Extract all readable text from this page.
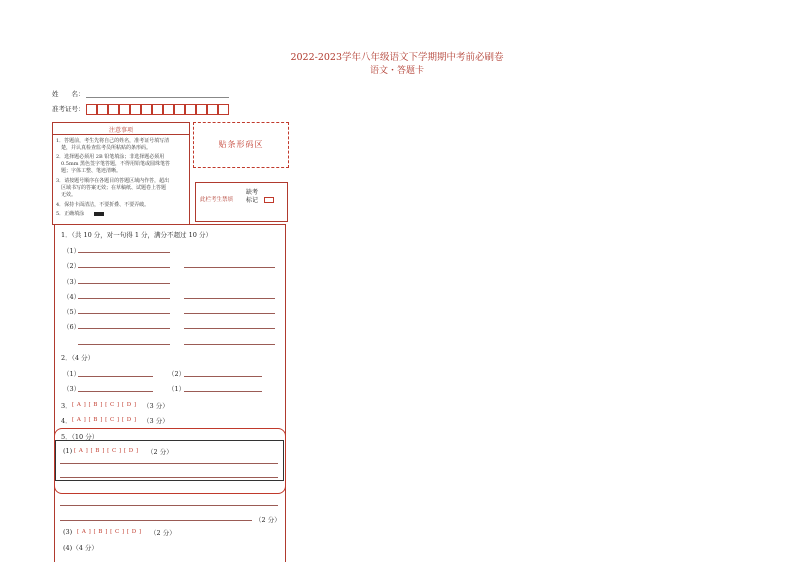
2022-2023学年八年级语文下学期期中考前必刷卷
语文・答题卡
姓　　名：
准考证号：
注意事项
1．答题前，考生先将自己的姓名，准考证号填写清
楚，并认真检查监考员所粘贴的条形码。
2．选择题必须用 2B 铅笔填涂；非选择题必须用
0.5mm 黑色签字笔答题，不得用铅笔或圆珠笔答
题；字体工整、笔迹清晰。
3．请按题号顺序在各题目的答题区域内作答，超出
区域书写的答案无效；在草稿纸、试题卷上答题
无效。
4．保持卡面清洁，不要折叠、不要弄破。
5．正确填涂
贴条形码区
此栏考生禁填
缺考
标记
1．（共 10 分，对一句得 1 分，满分不超过 10 分）
（1）
（2）
（3）
（4）
（5）
（6）
2．（4 分）
（1）	（2）
（3）	（1）
3． [ A ] [ B ] [ C ] [ D ] （3 分）
4． [ A ] [ B ] [ C ] [ D ] （3 分）
5．（10 分）
(1) [ A ] [ B ] [ C ] [ D ] （2 分）
（2 分）
(3) [ A ] [ B ] [ C ] [ D ] （2 分）
(4)（4 分）
